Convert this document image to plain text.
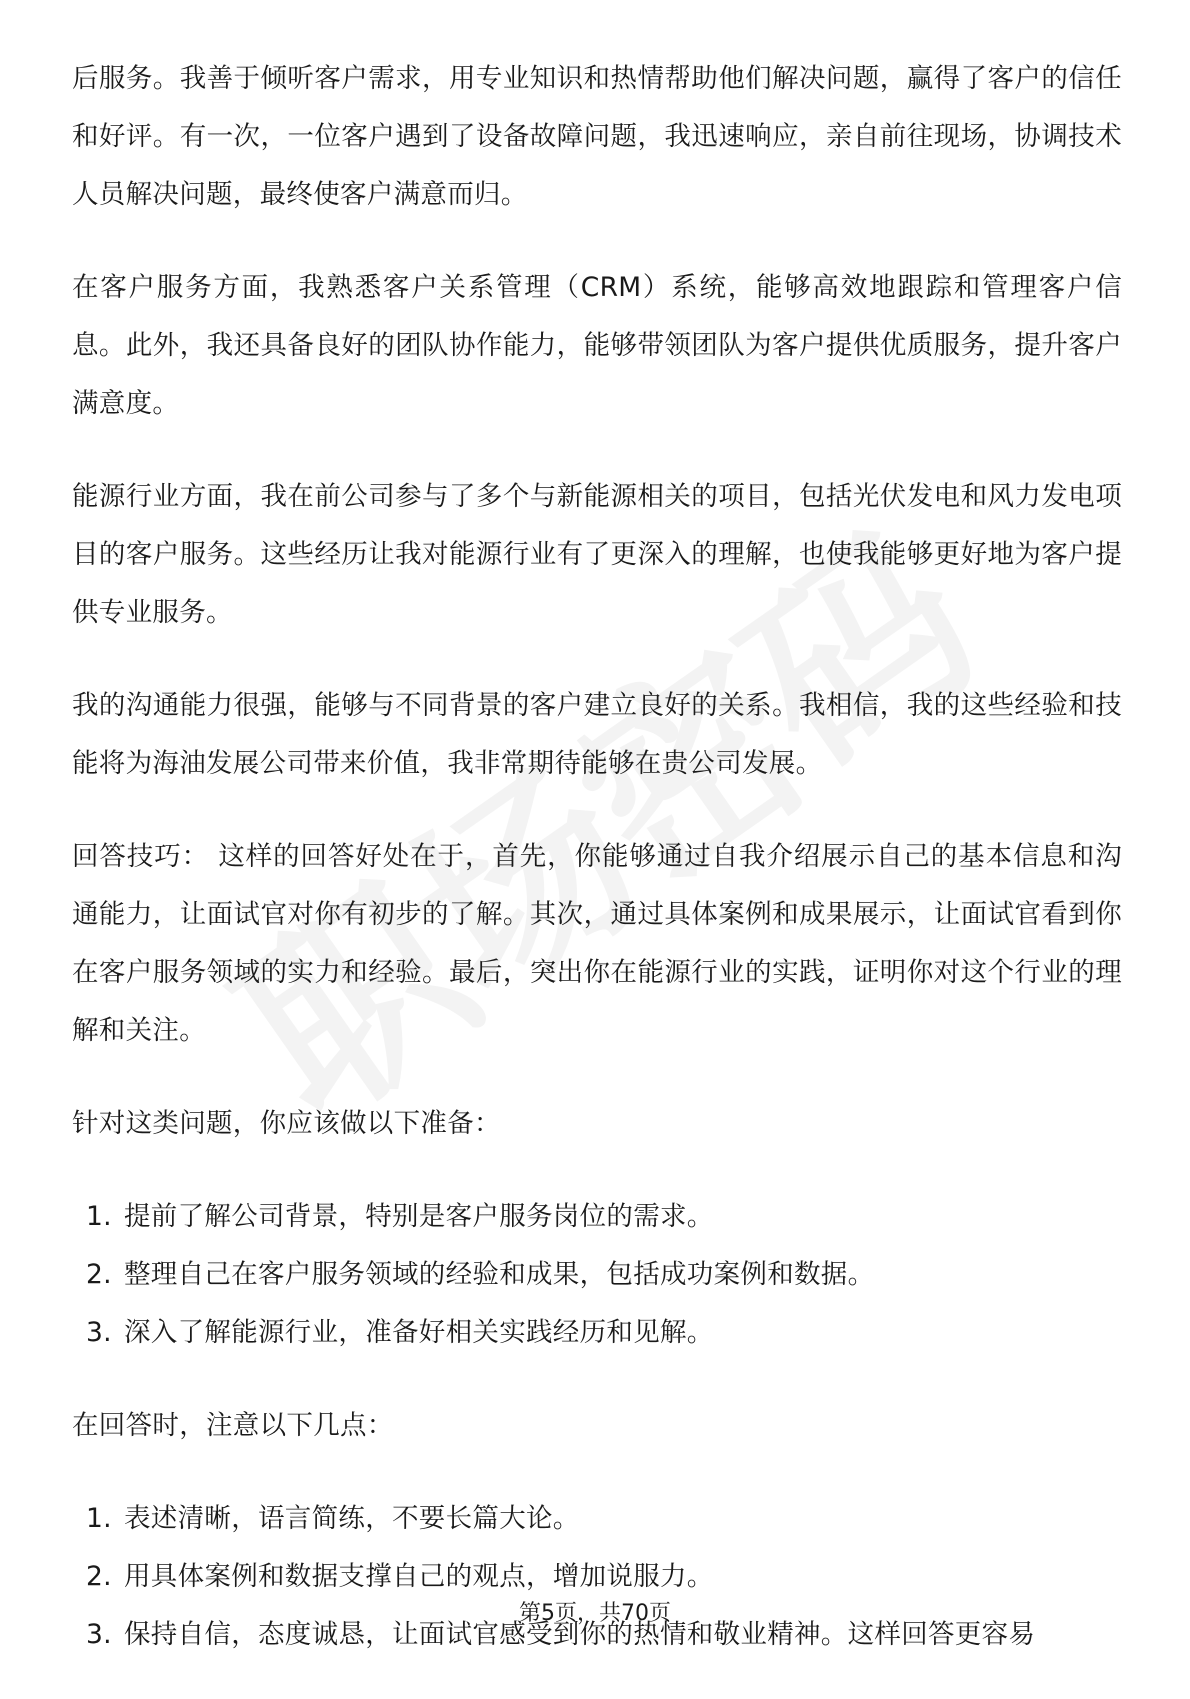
后服务。我善于倾听客户需求，用专业知识和热情帮助他们解决问题，赢得了客户的信任和好评。有一次，一位客户遇到了设备故障问题，我迅速响应，亲自前往现场，协调技术人员解决问题，最终使客户满意而归。

在客户服务方面，我熟悉客户关系管理（CRM）系统，能够高效地跟踪和管理客户信息。此外，我还具备良好的团队协作能力，能够带领团队为客户提供优质服务，提升客户满意度。

能源行业方面，我在前公司参与了多个与新能源相关的项目，包括光伏发电和风力发电项目的客户服务。这些经历让我对能源行业有了更深入的理解，也使我能够更好地为客户提供专业服务。

我的沟通能力很强，能够与不同背景的客户建立良好的关系。我相信，我的这些经验和技能将为海油发展公司带来价值，我非常期待能够在贵公司发展。

回答技巧： 这样的回答好处在于，首先，你能够通过自我介绍展示自己的基本信息和沟通能力，让面试官对你有初步的了解。其次，通过具体案例和成果展示，让面试官看到你在客户服务领域的实力和经验。最后，突出你在能源行业的实践，证明你对这个行业的理解和关注。

针对这类问题，你应该做以下准备：

1. 提前了解公司背景，特别是客户服务岗位的需求。
2. 整理自己在客户服务领域的经验和成果，包括成功案例和数据。
3. 深入了解能源行业，准备好相关实践经历和见解。

在回答时，注意以下几点：

1. 表述清晰，语言简练，不要长篇大论。
2. 用具体案例和数据支撑自己的观点，增加说服力。
3. 保持自信，态度诚恳，让面试官感受到你的热情和敬业精神。这样回答更容易
第5页，共70页
